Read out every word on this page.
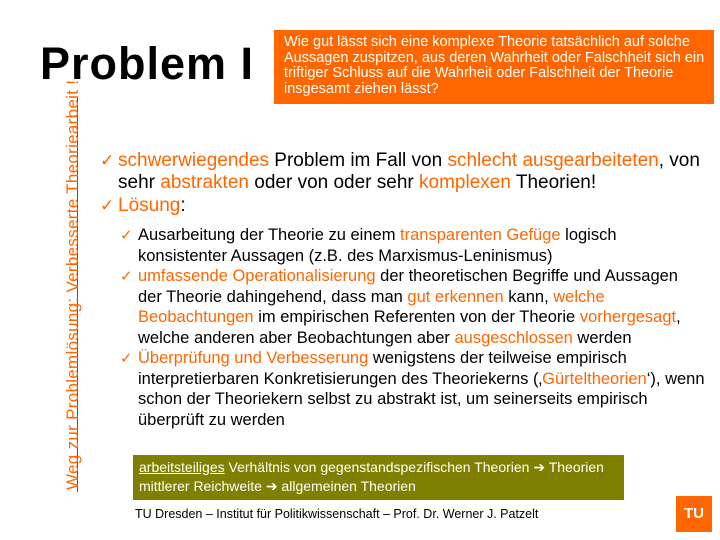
Problem I Wie gut lässt sich eine komplexe Theorie tatsächlich auf solche Aussagen zuspitzen, aus deren Wahrheit oder Falschheit sich ein triftiger Schluss auf die Wahrheit oder Falschheit der Theorie insgesamt ziehen lässt?
Weg zur Problemlösung: Verbesserte Theoriearbeit ! ✓ schwerwiegendes Problem im Fall von schlecht ausgearbeiteten, von sehr abstrakten oder von oder sehr komplexen Theorien!
✓ Lösung:
✓ Ausarbeitung der Theorie zu einem transparenten Gefüge logisch konsistenter Aussagen (z.B. des Marxismus-Leninismus)
✓ umfassende Operationalisierung der theoretischen Begriffe und Aussagen der Theorie dahingehend, dass man gut erkennen kann, welche Beobachtungen im empirischen Referenten von der Theorie vorhergesagt, welche anderen aber Beobachtungen aber ausgeschlossen werden
✓ Überprüfung und Verbesserung wenigstens der teilweise empirisch interpretierbaren Konkretisierungen des Theoriekerns (‚Gürteltheorien‘), wenn schon der Theoriekern selbst zu abstrakt ist, um seinerseits empirisch überprüft zu werden
arbeitsteiliges Verhältnis von gegenstandspezifischen Theorien ➔ Theorien mittlerer Reichweite ➔ allgemeinen Theorien
TU Dresden – Institut für Politikwissenschaft – Prof. Dr. Werner J. Patzelt	TU
